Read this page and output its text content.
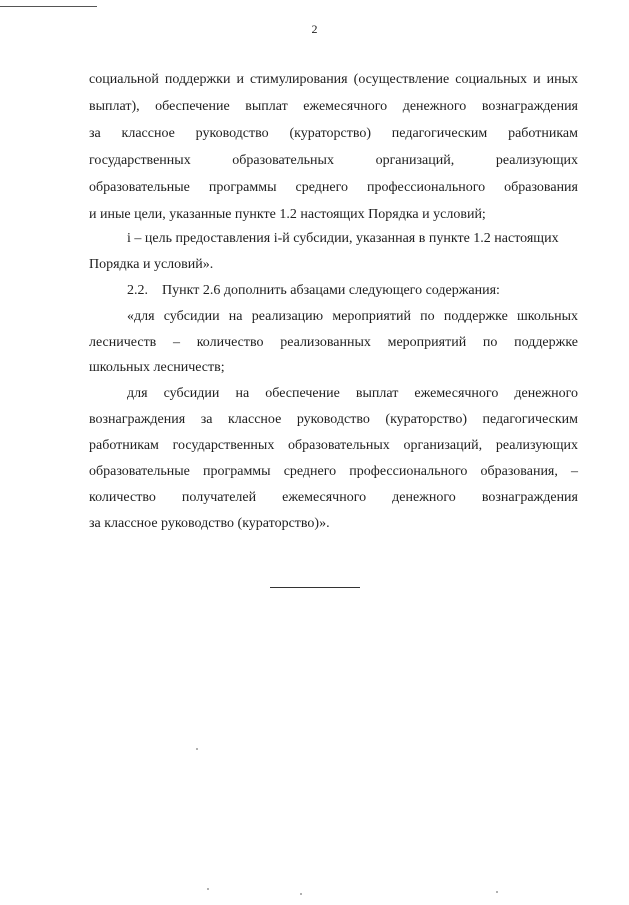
2
социальной поддержки и стимулирования (осуществление социальных и иных
выплат), обеспечение выплат ежемесячного денежного вознаграждения
за классное руководство (кураторство) педагогическим работникам
государственных образовательных организаций, реализующих
образовательные программы среднего профессионального образования
и иные цели, указанные пункте 1.2 настоящих Порядка и условий;
i – цель предоставления i-й субсидии, указанная в пункте 1.2 настоящих
Порядка и условий».
2.2.    Пункт 2.6 дополнить абзацами следующего содержания:
«для субсидии на реализацию мероприятий по поддержке школьных
лесничеств – количество реализованных мероприятий по поддержке
школьных лесничеств;
для субсидии на обеспечение выплат ежемесячного денежного
вознаграждения за классное руководство (кураторство) педагогическим
работникам государственных образовательных организаций, реализующих
образовательные программы среднего профессионального образования, –
количество получателей ежемесячного денежного вознаграждения
за классное руководство (кураторство)».
